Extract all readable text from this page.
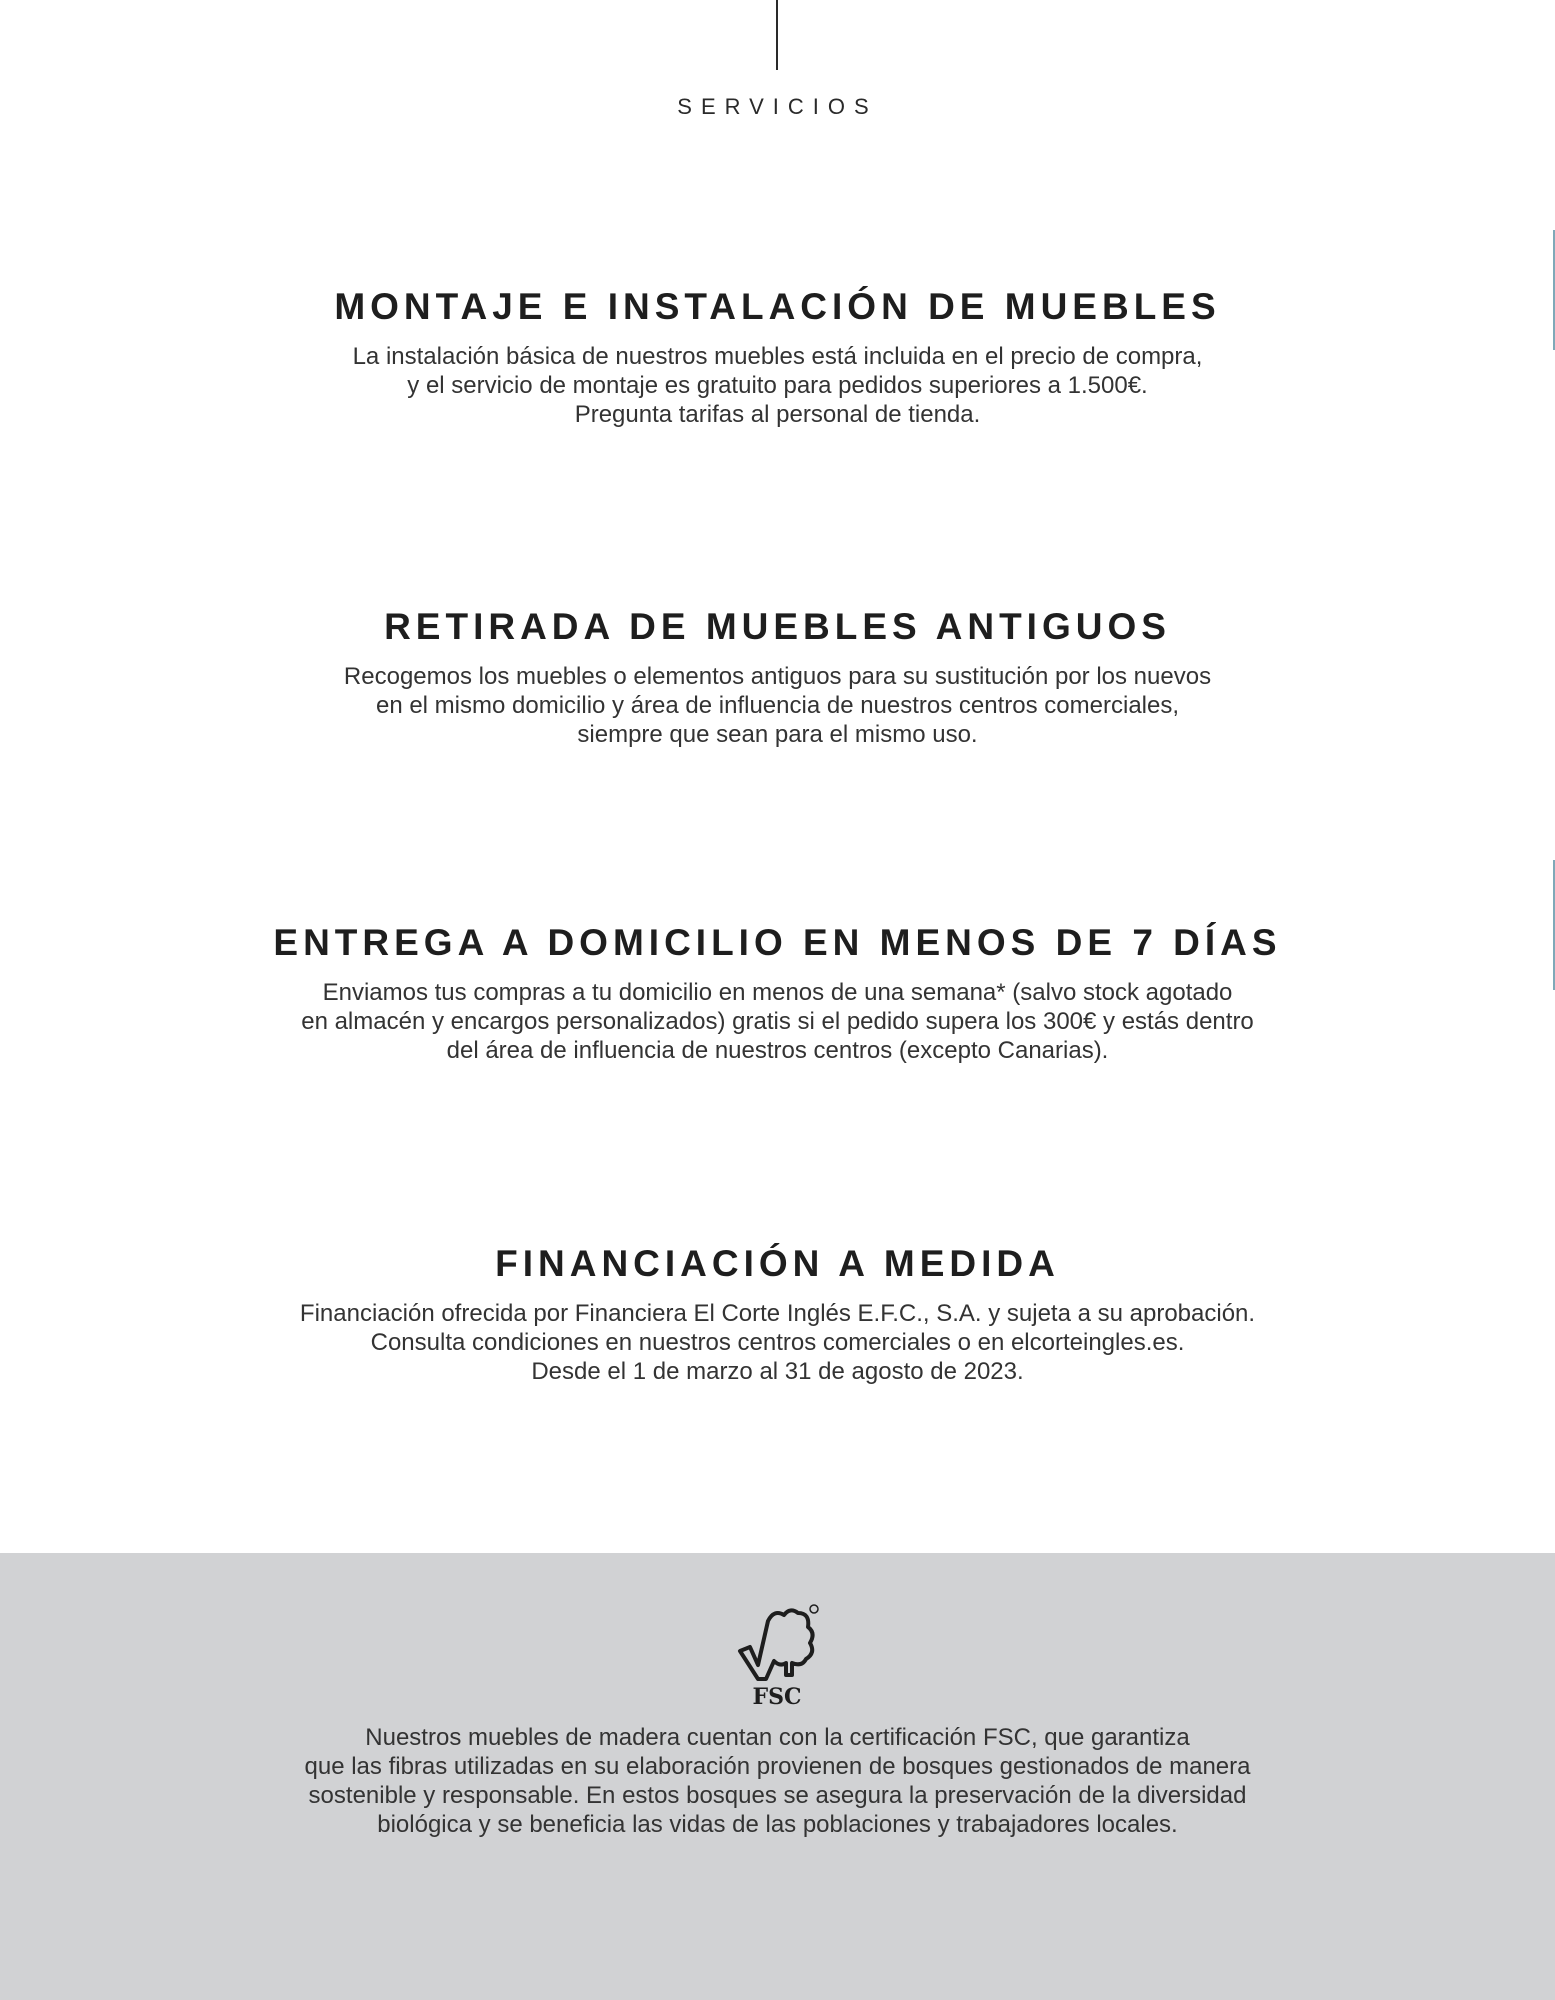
SERVICIOS
MONTAJE E INSTALACIÓN DE MUEBLES
La instalación básica de nuestros muebles está incluida en el precio de compra,
y el servicio de montaje es gratuito para pedidos superiores a 1.500€.
Pregunta tarifas al personal de tienda.
RETIRADA DE MUEBLES ANTIGUOS
Recogemos los muebles o elementos antiguos para su sustitución por los nuevos
en el mismo domicilio y área de influencia de nuestros centros comerciales,
siempre que sean para el mismo uso.
ENTREGA A DOMICILIO EN MENOS DE 7 DÍAS
Enviamos tus compras a tu domicilio en menos de una semana* (salvo stock agotado
en almacén y encargos personalizados) gratis si el pedido supera los 300€ y estás dentro
del área de influencia de nuestros centros (excepto Canarias).
FINANCIACIÓN A MEDIDA
Financiación ofrecida por Financiera El Corte Inglés E.F.C., S.A. y sujeta a su aprobación.
Consulta condiciones en nuestros centros comerciales o en elcorteingles.es.
Desde el 1 de marzo al 31 de agosto de 2023.
FSC
Nuestros muebles de madera cuentan con la certificación FSC, que garantiza
que las fibras utilizadas en su elaboración provienen de bosques gestionados de manera
sostenible y responsable. En estos bosques se asegura la preservación de la diversidad
biológica y se beneficia las vidas de las poblaciones y trabajadores locales.
